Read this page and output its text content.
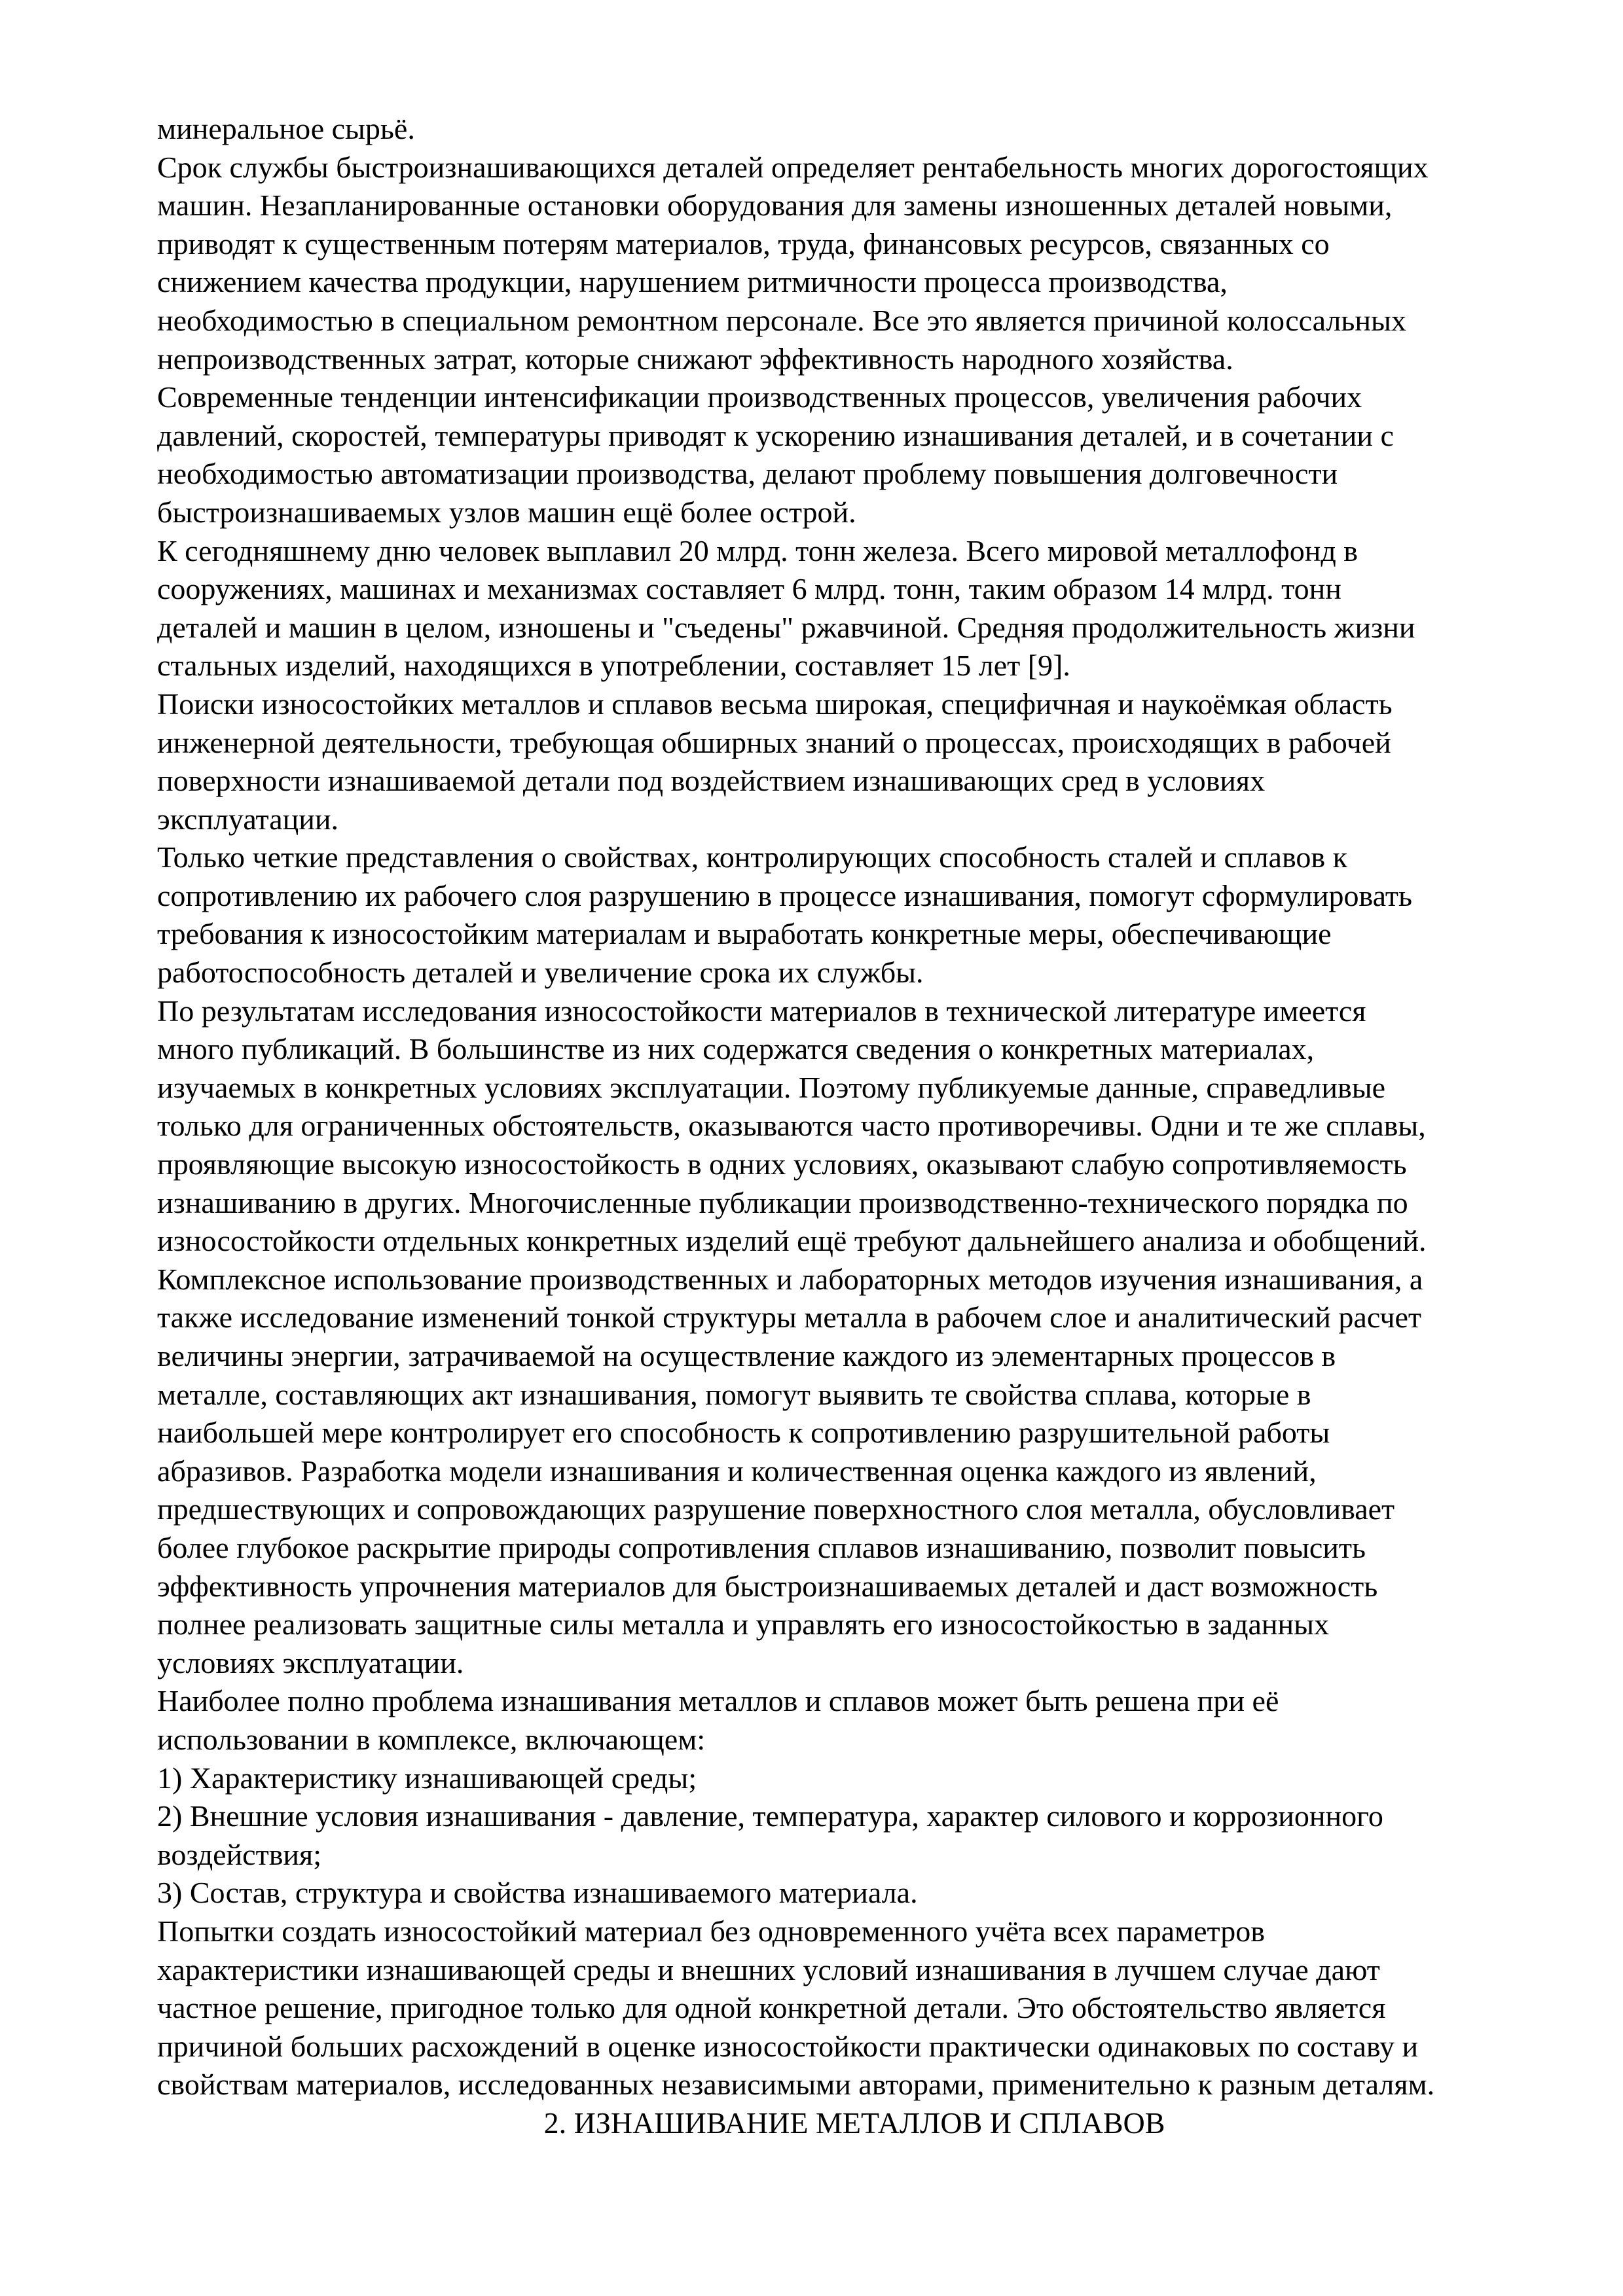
минеральное сырьё.

Срок службы быстроизнашивающихся деталей определяет рентабельность многих дорогостоящих
машин. Незапланированные остановки оборудования для замены изношенных деталей новыми,
приводят к существенным потерям материалов, труда, финансовых ресурсов, связанных со
снижением качества продукции, нарушением ритмичности процесса производства,
необходимостью в специальном ремонтном персонале. Все это является причиной колоссальных
непроизводственных затрат, которые снижают эффективность народного хозяйства.

Современные тенденции интенсификации производственных процессов, увеличения рабочих
давлений, скоростей, температуры приводят к ускорению изнашивания деталей, и в сочетании с
необходимостью автоматизации производства, делают проблему повышения долговечности
быстроизнашиваемых узлов машин ещё более острой.

К сегодняшнему дню человек выплавил 20 млрд. тонн железа. Всего мировой металлофонд в
сооружениях, машинах и механизмах составляет 6 млрд. тонн, таким образом 14 млрд. тонн
деталей и машин в целом, изношены и "съедены" ржавчиной. Средняя продолжительность жизни
стальных изделий, находящихся в употреблении, составляет 15 лет [9].

Поиски износостойких металлов и сплавов весьма широкая, специфичная и наукоёмкая область
инженерной деятельности, требующая обширных знаний о процессах, происходящих в рабочей
поверхности изнашиваемой детали под воздействием изнашивающих сред в условиях
эксплуатации.

Только четкие представления о свойствах, контролирующих способность сталей и сплавов к
сопротивлению их рабочего слоя разрушению в процессе изнашивания, помогут сформулировать
требования к износостойким материалам и выработать конкретные меры, обеспечивающие
работоспособность деталей и увеличение срока их службы.

По результатам исследования износостойкости материалов в технической литературе имеется
много публикаций. В большинстве из них содержатся сведения о конкретных материалах,
изучаемых в конкретных условиях эксплуатации. Поэтому публикуемые данные, справедливые
только для ограниченных обстоятельств, оказываются часто противоречивы. Одни и те же сплавы,
проявляющие высокую износостойкость в одних условиях, оказывают слабую сопротивляемость
изнашиванию в других. Многочисленные публикации производственно-технического порядка по
износостойкости отдельных конкретных изделий ещё требуют дальнейшего анализа и обобщений.

Комплексное использование производственных и лабораторных методов изучения изнашивания, а
также исследование изменений тонкой структуры металла в рабочем слое и аналитический расчет
величины энергии, затрачиваемой на осуществление каждого из элементарных процессов в
металле, составляющих акт изнашивания, помогут выявить те свойства сплава, которые в
наибольшей мере контролирует его способность к сопротивлению разрушительной работы
абразивов. Разработка модели изнашивания и количественная оценка каждого из явлений,
предшествующих и сопровождающих разрушение поверхностного слоя металла, обусловливает
более глубокое раскрытие природы сопротивления сплавов изнашиванию, позволит повысить
эффективность упрочнения материалов для быстроизнашиваемых деталей и даст возможность
полнее реализовать защитные силы металла и управлять его износостойкостью в заданных
условиях эксплуатации.

Наиболее полно проблема изнашивания металлов и сплавов может быть решена при её
использовании в комплексе, включающем:

1) Характеристику изнашивающей среды;

2) Внешние условия изнашивания - давление, температура, характер силового и коррозионного
воздействия;

3) Состав, структура и свойства изнашиваемого материала.

Попытки создать износостойкий материал без одновременного учёта всех параметров
характеристики изнашивающей среды и внешних условий изнашивания в лучшем случае дают
частное решение, пригодное только для одной конкретной детали. Это обстоятельство является
причиной больших расхождений в оценке износостойкости практически одинаковых по составу и
свойствам материалов, исследованных независимыми авторами, применительно к разным деталям.

2. ИЗНАШИВАНИЕ МЕТАЛЛОВ И СПЛАВОВ
